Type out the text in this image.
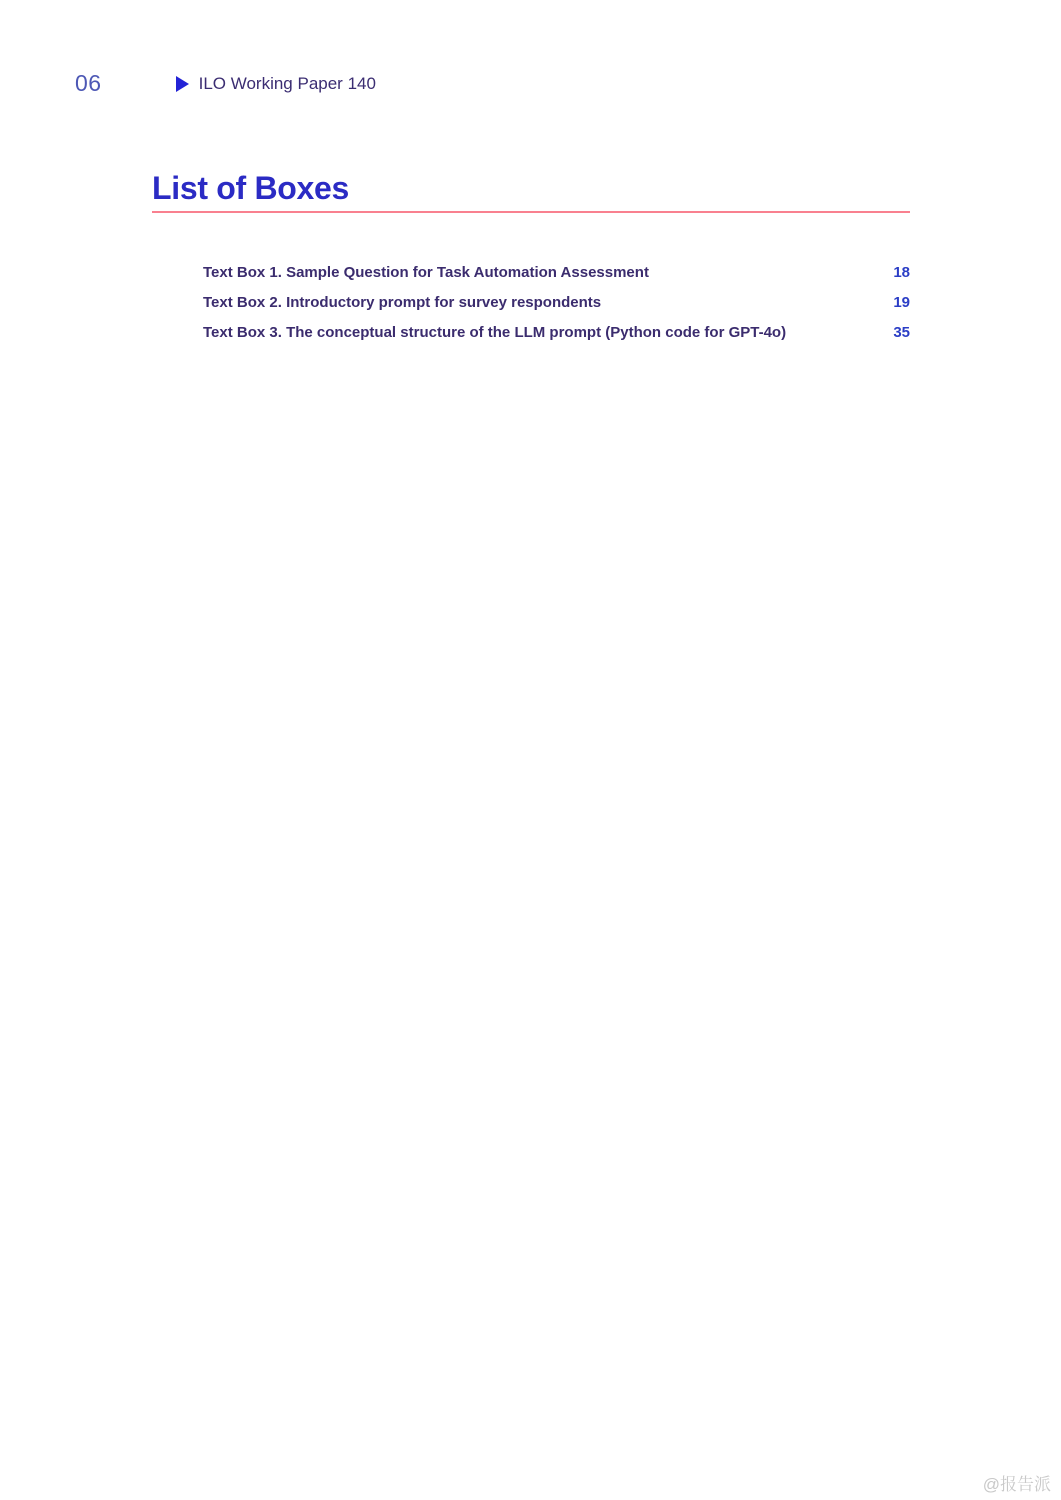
06	ILO Working Paper 140
List of Boxes
Text Box 1. Sample Question for Task Automation Assessment	18
Text Box 2. Introductory prompt for survey respondents	19
Text Box 3. The conceptual structure of the LLM prompt (Python code for GPT-4o)	35
@报告派
